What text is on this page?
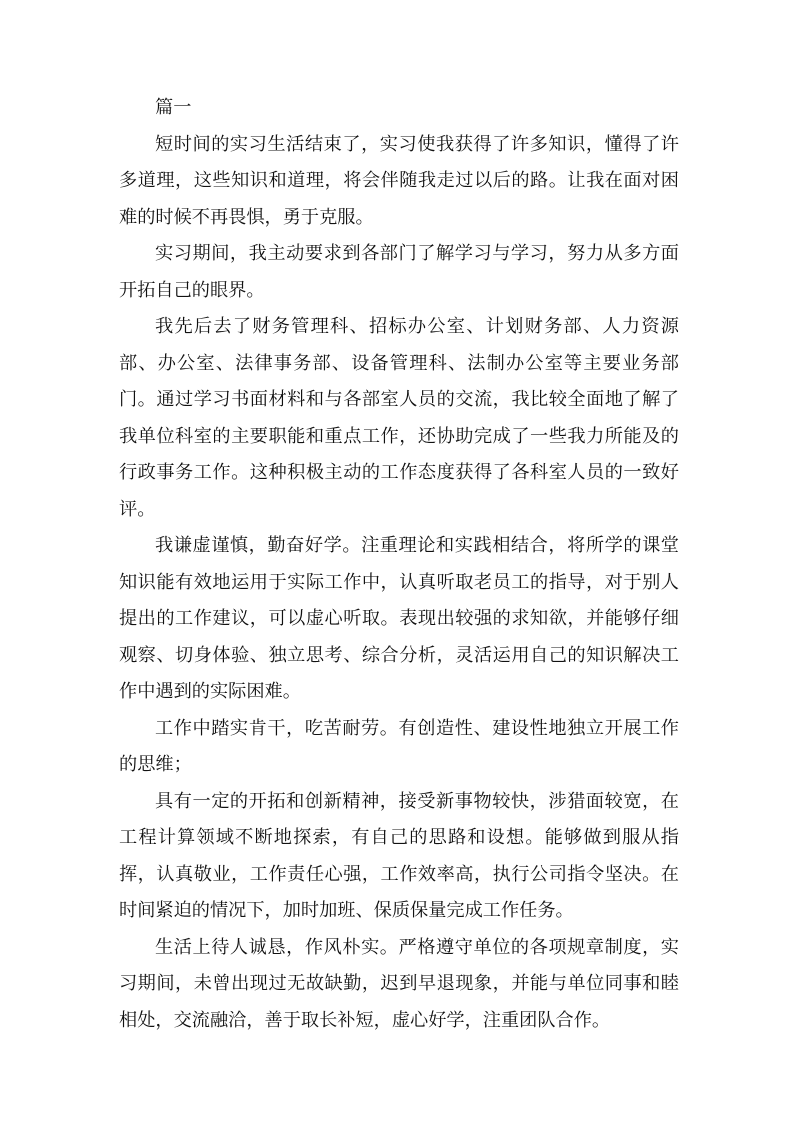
篇一

短时间的实习生活结束了，实习使我获得了许多知识，懂得了许多道理，这些知识和道理，将会伴随我走过以后的路。让我在面对困难的时候不再畏惧，勇于克服。

实习期间，我主动要求到各部门了解学习与学习，努力从多方面开拓自己的眼界。

我先后去了财务管理科、招标办公室、计划财务部、人力资源部、办公室、法律事务部、设备管理科、法制办公室等主要业务部门。通过学习书面材料和与各部室人员的交流，我比较全面地了解了我单位科室的主要职能和重点工作，还协助完成了一些我力所能及的行政事务工作。这种积极主动的工作态度获得了各科室人员的一致好评。

我谦虚谨慎，勤奋好学。注重理论和实践相结合，将所学的课堂知识能有效地运用于实际工作中，认真听取老员工的指导，对于别人提出的工作建议，可以虚心听取。表现出较强的求知欲，并能够仔细观察、切身体验、独立思考、综合分析，灵活运用自己的知识解决工作中遇到的实际困难。

工作中踏实肯干，吃苦耐劳。有创造性、建设性地独立开展工作的思维；

具有一定的开拓和创新精神，接受新事物较快，涉猎面较宽，在工程计算领域不断地探索，有自己的思路和设想。能够做到服从指挥，认真敬业，工作责任心强，工作效率高，执行公司指令坚决。在时间紧迫的情况下，加时加班、保质保量完成工作任务。

生活上待人诚恳，作风朴实。严格遵守单位的各项规章制度，实习期间，未曾出现过无故缺勤，迟到早退现象，并能与单位同事和睦相处，交流融洽，善于取长补短，虚心好学，注重团队合作。
